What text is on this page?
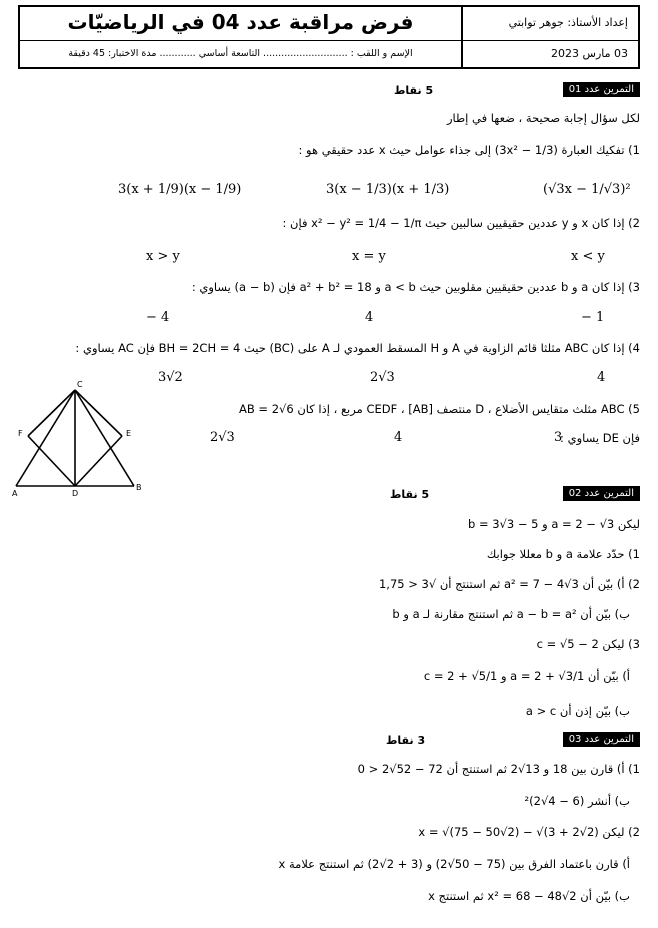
فرض مراقبة عدد 04 في الرياضيّات	إعداد الأستاذ: جوهر توابتي
الإسم و اللقب : ............................ التاسعة أساسي ............ مدة الاختبار: 45 دقيقة	03 مارس 2023
التمرين عدد 01
5 نقاط
لكل سؤال إجابة صحيحة ، ضعها في إطار
1) تفكيك العبارة (3x² − 1/3) إلى جذاء عوامل حيث x عدد حقيقي هو :
3(x + 1/9)(x − 1/9)	3(x − 1/3)(x + 1/3)	(√3x − 1/√3)²
2) إذا كان x و y عددين حقيقيين سالبين حيث x² − y² = 1/4 − 1/π فإن :
x > y	x = y	x < y
3) إذا كان a و b عددين حقيقيين مقلوبين حيث a < b و a² + b² = 18 فإن (a − b) يساوي :
− 4	4	− 1
4) إذا كان ABC مثلثا قائم الزاوية في A و H المسقط العمودي لـ A على (BC) حيث BH = 2CH = 4 فإن AC يساوي :
3√2	2√3	4
5) ABC مثلث متقايس الأضلاع ، D منتصف [AB] ، CEDF مربع ، إذا كان AB = 2√6
2√3	4	فإن DE يساوي :
3
C
F	E
A	D
B
التمرين عدد 02
5 نقاط
ليكن a = 2 − √3 و b = 3√3 − 5
1) حدّد علامة a و b معللا جوابك
2) أ) بيّن أن a² = 7 − 4√3 ثم استنتج أن √3 < 1,75
ب) بيّن أن a − b = a² ثم استنتج مقارنة لـ a و b
3) ليكن c = √5 − 2
أ) بيّن أن 1/a = 2 + √3 و 1/c = 2 + √5
ب) بيّن إذن أن a > c
التمرين عدد 03
3 نقاط
1) أ) قارن بين 18 و 13√2 ثم استنتج أن 72 − 52√2 < 0
ب) أنشر (6 − 4√2)²
2) ليكن x = √(75 − 50√2) − √(3 + 2√2)
أ) قارن باعتماد الفرق بين (75 − 50√2) و (3 + 2√2) ثم استنتج علامة x
ب) بيّن أن x² = 68 − 48√2 ثم استنتج x
